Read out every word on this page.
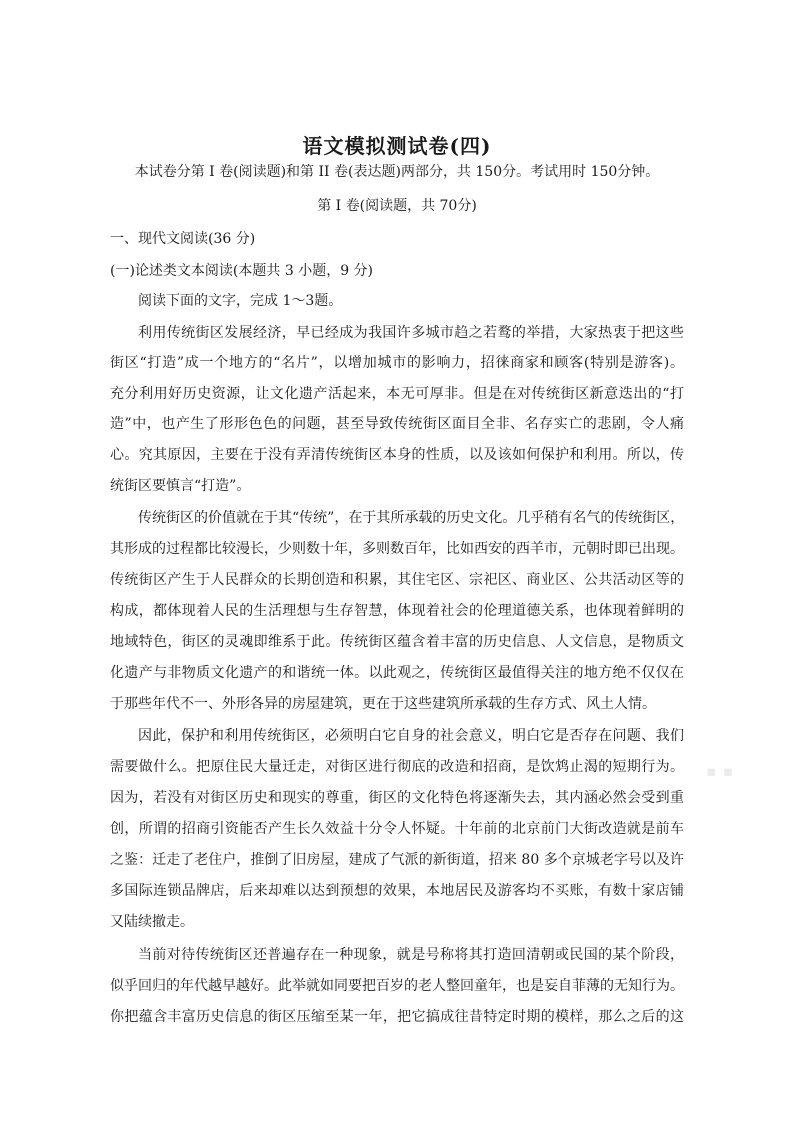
语文模拟测试卷(四)
本试卷分第 I 卷(阅读题)和第 II 卷(表达题)两部分，共 150分。考试用时 150分钟。
第 I 卷(阅读题，共 70分)
一、现代文阅读(36 分)
(一)论述类文本阅读(本题共 3 小题，9 分)
阅读下面的文字，完成 1～3题。
利用传统街区发展经济，早已经成为我国许多城市趋之若鹜的举措，大家热衷于把这些
街区“打造”成一个地方的“名片”，以增加城市的影响力，招徕商家和顾客(特别是游客)。
充分利用好历史资源，让文化遗产活起来，本无可厚非。但是在对传统街区新意迭出的“打
造”中，也产生了形形色色的问题，甚至导致传统街区面目全非、名存实亡的悲剧，令人痛
心。究其原因，主要在于没有弄清传统街区本身的性质，以及该如何保护和利用。所以，传
统街区要慎言“打造”。
传统街区的价值就在于其“传统”，在于其所承载的历史文化。几乎稍有名气的传统街区，
其形成的过程都比较漫长，少则数十年，多则数百年，比如西安的西羊市，元朝时即已出现。
传统街区产生于人民群众的长期创造和积累，其住宅区、宗祀区、商业区、公共活动区等的
构成，都体现着人民的生活理想与生存智慧，体现着社会的伦理道德关系，也体现着鲜明的
地域特色，街区的灵魂即维系于此。传统街区蕴含着丰富的历史信息、人文信息，是物质文
化遗产与非物质文化遗产的和谐统一体。以此观之，传统街区最值得关注的地方绝不仅仅在
于那些年代不一、外形各异的房屋建筑，更在于这些建筑所承载的生存方式、风土人情。
因此，保护和利用传统街区，必须明白它自身的社会意义，明白它是否存在问题、我们
需要做什么。把原住民大量迁走，对街区进行彻底的改造和招商，是饮鸩止渴的短期行为。
因为，若没有对街区历史和现实的尊重，街区的文化特色将逐渐失去，其内涵必然会受到重
创，所谓的招商引资能否产生长久效益十分令人怀疑。十年前的北京前门大街改造就是前车
之鉴：迁走了老住户，推倒了旧房屋，建成了气派的新街道，招来 80 多个京城老字号以及许
多国际连锁品牌店，后来却难以达到预想的效果，本地居民及游客均不买账，有数十家店铺
又陆续撤走。
当前对待传统街区还普遍存在一种现象，就是号称将其打造回清朝或民国的某个阶段，
似乎回归的年代越早越好。此举就如同要把百岁的老人整回童年，也是妄自菲薄的无知行为。
你把蕴含丰富历史信息的街区压缩至某一年，把它搞成往昔特定时期的模样，那么之后的这
▪ ▪
